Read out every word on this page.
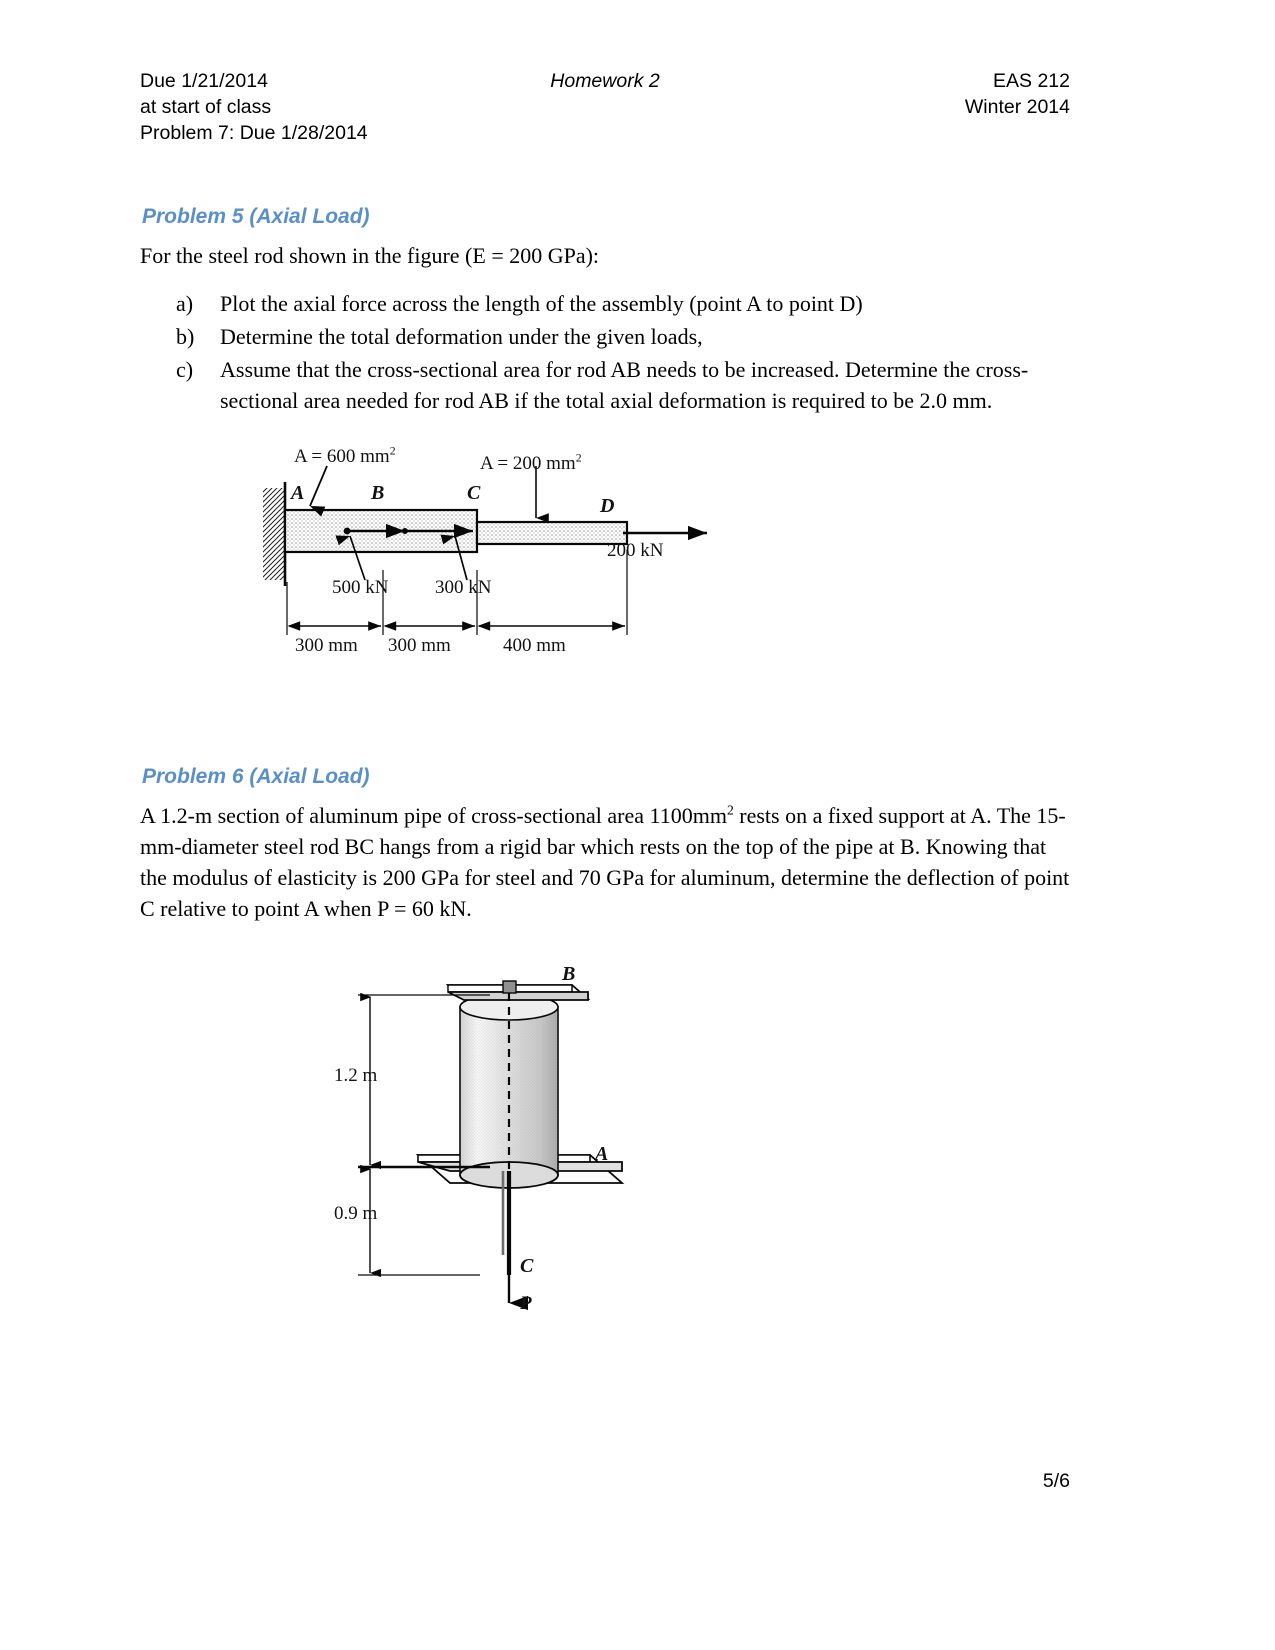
Due 1/21/2014	Homework 2	EAS 212
at start of class	Winter 2014
Problem 7: Due 1/28/2014
Problem 5 (Axial Load)
For the steel rod shown in the figure (E = 200 GPa):
a) Plot the axial force across the length of the assembly (point A to point D)
b) Determine the total deformation under the given loads,
c) Assume that the cross-sectional area for rod AB needs to be increased. Determine the cross-sectional area needed for rod AB if the total axial deformation is required to be 2.0 mm.
A = 600 $mm^2$
A = 200 $mm^2$
A	B	C
D
500 kN 300 kN
200 kN
300 mm 300 mm	400 mm
Problem 6 (Axial Load)
A 1.2-m section of aluminum pipe of cross-sectional area $1100mm^2$ rests on a fixed support at A. The 15-mm-diameter steel rod BC hangs from a rigid bar which rests on the top of the pipe at B. Knowing that the modulus of elasticity is 200 GPa for steel and 70 GPa for aluminum, determine the deflection of point C relative to point A when P = 60 kN.
B
A
C
P
1.2 m
0.9 m
5/6
